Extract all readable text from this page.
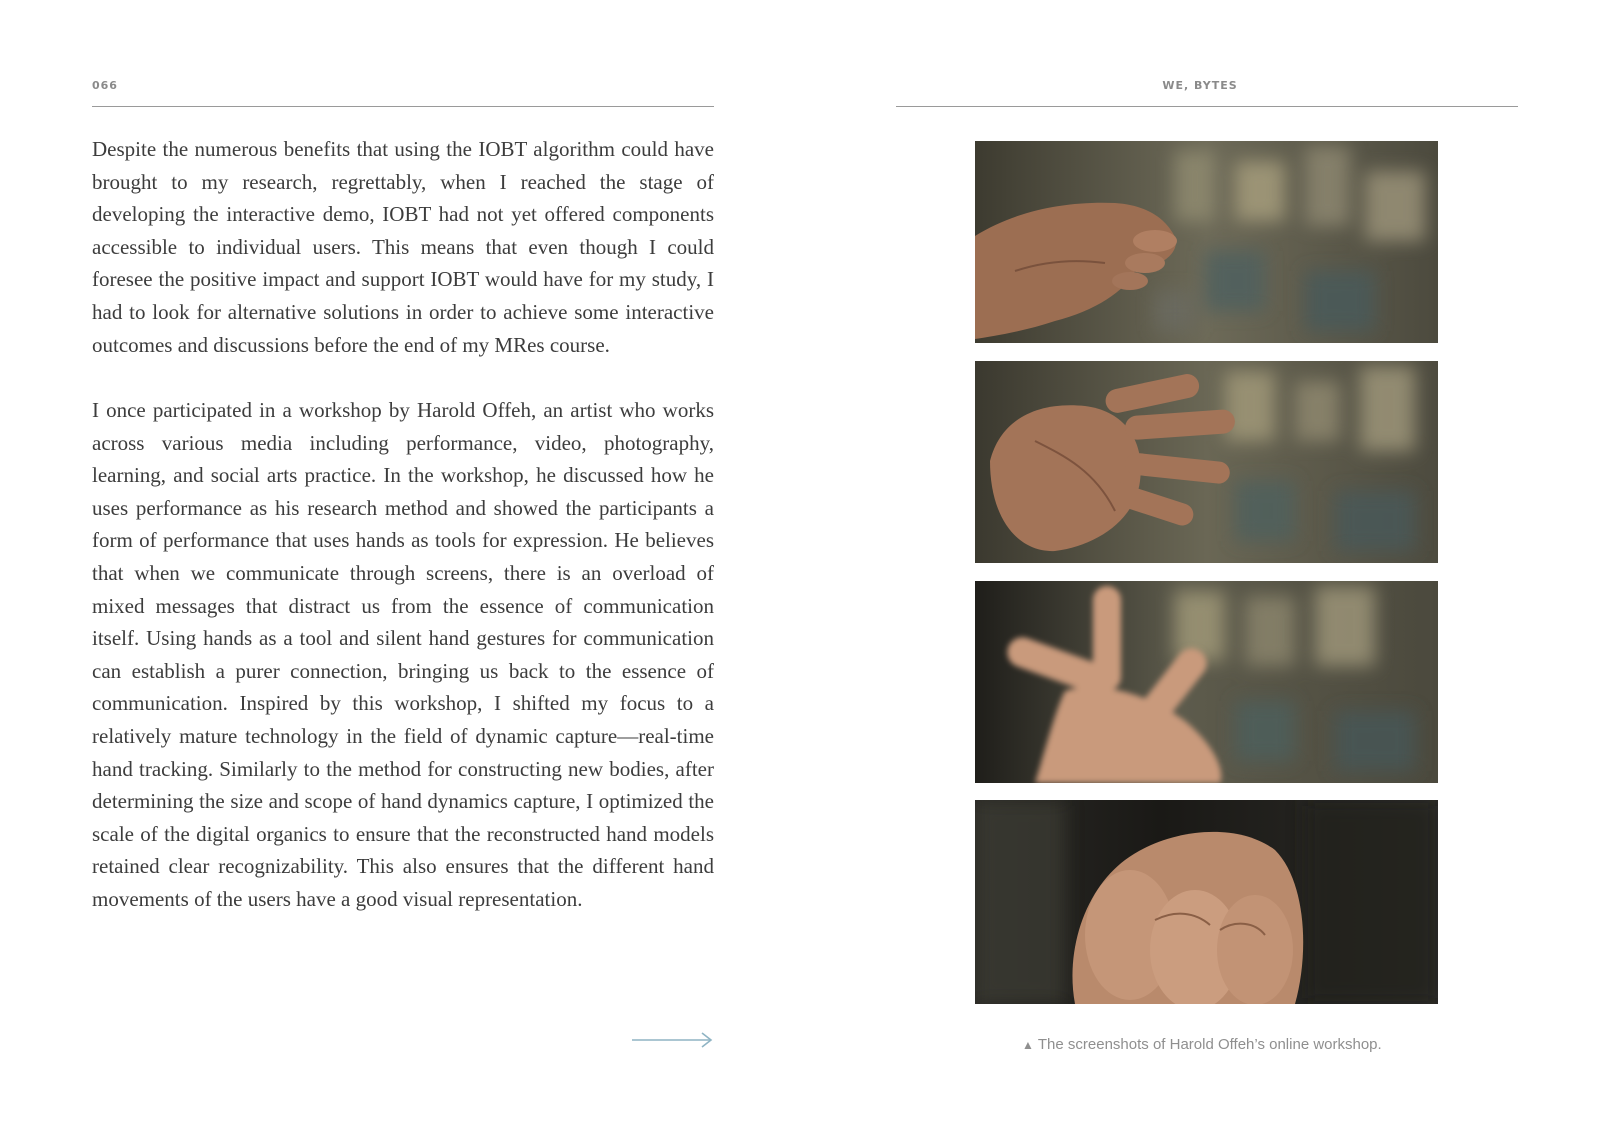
066

Despite the numerous benefits that using the IOBT algorithm could have brought to my research, regrettably, when I reached the stage of developing the interactive demo, IOBT had not yet offered components accessible to individual users. This means that even though I could foresee the positive impact and support IOBT would have for my study, I had to look for alternative solutions in order to achieve some interactive outcomes and discussions before the end of my MRes course.

I once participated in a workshop by Harold Offeh, an artist who works across various media including performance, video, photography, learning, and social arts practice. In the workshop, he discussed how he uses performance as his research method and showed the participants a form of performance that uses hands as tools for expression. He believes that when we communicate through screens, there is an overload of mixed messages that distract us from the essence of communication itself. Using hands as a tool and silent hand gestures for communication can establish a purer connection, bringing us back to the essence of communication. Inspired by this workshop, I shifted my focus to a relatively mature technology in the field of dynamic capture—real-time hand tracking. Similarly to the method for constructing new bodies, after determining the size and scope of hand dynamics capture, I optimized the scale of the digital organics to ensure that the reconstructed hand models retained clear recognizability. This also ensures that the different hand movements of the users have a good visual representation.

WE, BYTES
▲ The screenshots of Harold Offeh’s online workshop.
